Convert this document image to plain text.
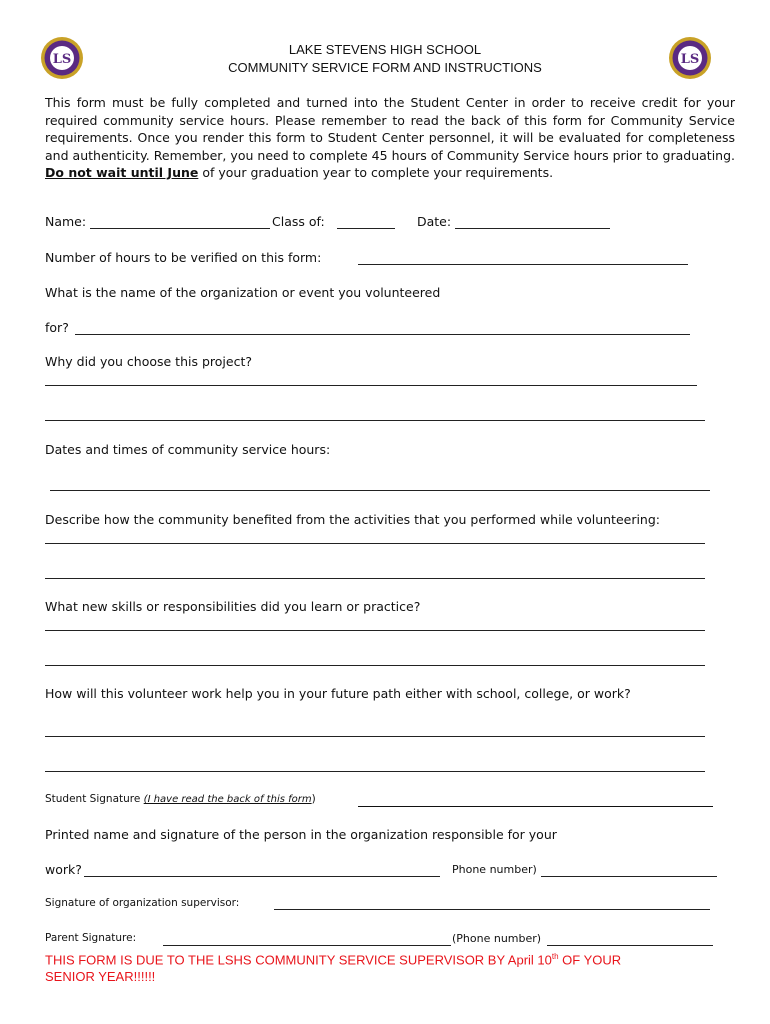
LS	LS
LAKE STEVENS HIGH SCHOOL
COMMUNITY SERVICE FORM AND INSTRUCTIONS
This form must be fully completed and turned into the Student Center in order to receive credit for your required community service hours. Please remember to read the back of this form for Community Service requirements. Once you render this form to Student Center personnel, it will be evaluated for completeness and authenticity. Remember, you need to complete 45 hours of Community Service hours prior to graduating. Do not wait until June of your graduation year to complete your requirements.
Name:	Class of:	Date:
Number of hours to be verified on this form:
What is the name of the organization or event you volunteered
for?
Why did you choose this project?
Dates and times of community service hours:
Describe how the community benefited from the activities that you performed while volunteering:
What new skills or responsibilities did you learn or practice?
How will this volunteer work help you in your future path either with school, college, or work?
Student Signature (I have read the back of this form)
Printed name and signature of the person in the organization responsible for your
work?	Phone number)
Signature of organization supervisor:
Parent Signature:	(Phone number)
THIS FORM IS DUE TO THE LSHS COMMUNITY SERVICE SUPERVISOR BY April 10th OF YOUR
SENIOR YEAR!!!!!!
